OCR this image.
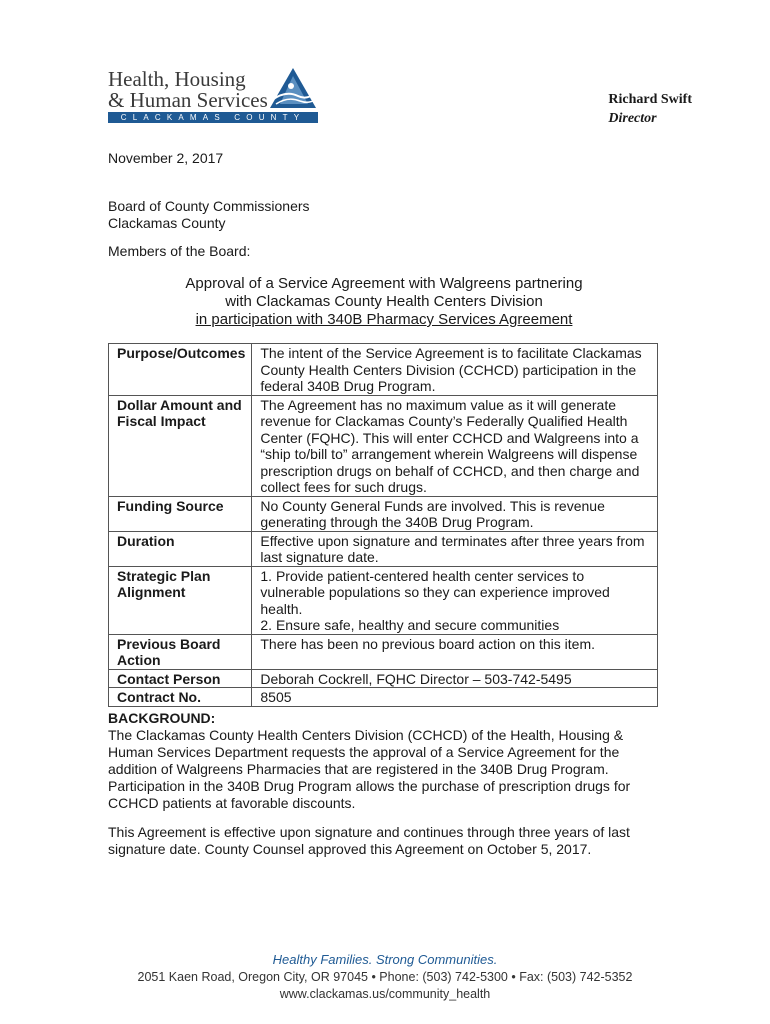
Health, Housing
& Human Services
CLACKAMAS COUNTY
Richard Swift
Director
November 2, 2017
Board of County Commissioners
Clackamas County
Members of the Board:
Approval of a Service Agreement with Walgreens partnering
with Clackamas County Health Centers Division
in participation with 340B Pharmacy Services Agreement
Purpose/Outcomes	The intent of the Service Agreement is to facilitate Clackamas County Health Centers Division (CCHCD) participation in the federal 340B Drug Program.
Dollar Amount and Fiscal Impact	The Agreement has no maximum value as it will generate revenue for Clackamas County’s Federally Qualified Health Center (FQHC). This will enter CCHCD and Walgreens into a “ship to/bill to” arrangement wherein Walgreens will dispense prescription drugs on behalf of CCHCD, and then charge and collect fees for such drugs.
Funding Source	No County General Funds are involved. This is revenue generating through the 340B Drug Program.
Duration	Effective upon signature and terminates after three years from last signature date.
Strategic Plan Alignment	1. Provide patient-centered health center services to vulnerable populations so they can experience improved health.
2. Ensure safe, healthy and secure communities

Previous Board Action	There has been no previous board action on this item.
Contact Person	Deborah Cockrell, FQHC Director – 503-742-5495
Contract No.	8505
BACKGROUND:
The Clackamas County Health Centers Division (CCHCD) of the Health, Housing & Human Services Department requests the approval of a Service Agreement for the addition of Walgreens Pharmacies that are registered in the 340B Drug Program. Participation in the 340B Drug Program allows the purchase of prescription drugs for CCHCD patients at favorable discounts.
This Agreement is effective upon signature and continues through three years of last signature date. County Counsel approved this Agreement on October 5, 2017.
Healthy Families. Strong Communities.
2051 Kaen Road, Oregon City, OR 97045 • Phone: (503) 742-5300 • Fax: (503) 742-5352
www.clackamas.us/community_health
